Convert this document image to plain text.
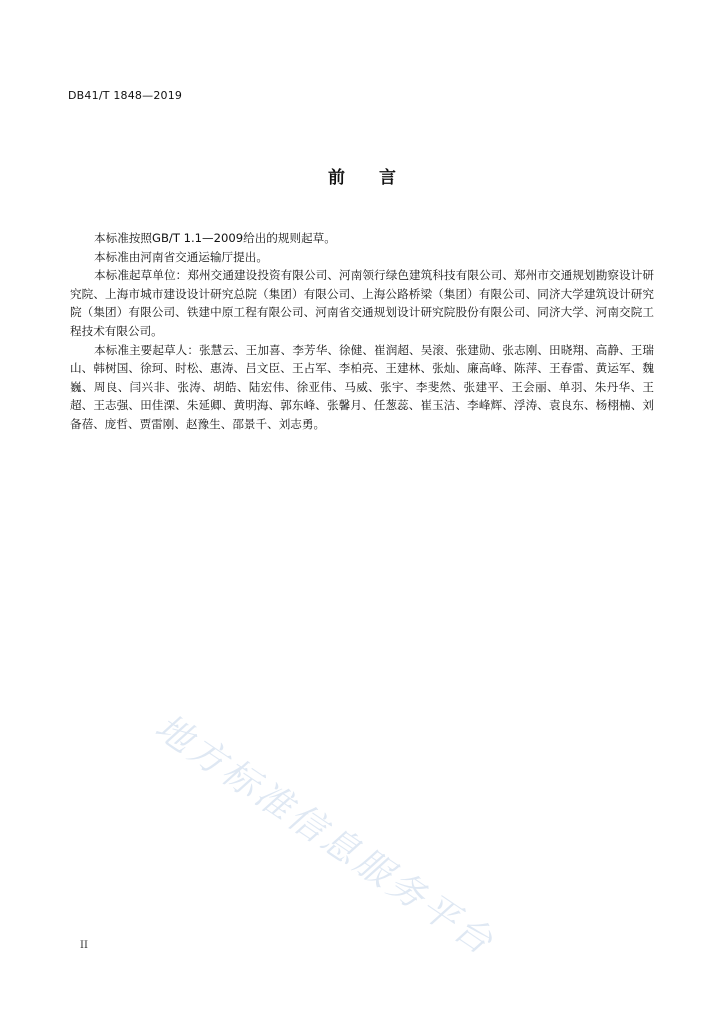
DB41/T 1848—2019
前 言

本标准按照GB/T 1.1—2009给出的规则起草。

本标准由河南省交通运输厅提出。

本标准起草单位：郑州交通建设投资有限公司、河南领行绿色建筑科技有限公司、郑州市交通规划勘察设计研究院、上海市城市建设设计研究总院（集团）有限公司、上海公路桥梁（集团）有限公司、同济大学建筑设计研究院（集团）有限公司、铁建中原工程有限公司、河南省交通规划设计研究院股份有限公司、同济大学、河南交院工程技术有限公司。

本标准主要起草人：张慧云、王加喜、李芳华、徐健、崔润超、吴滚、张建勋、张志刚、田晓翔、高静、王瑞山、韩树国、徐珂、时松、惠涛、吕文臣、王占军、李柏亮、王建林、张灿、廉高峰、陈萍、王春雷、黄运军、魏巍、周良、闫兴非、张涛、胡皓、陆宏伟、徐亚伟、马威、张宇、李斐然、张建平、王会丽、单羽、朱丹华、王超、王志强、田佳溧、朱延卿、黄明海、郭东峰、张馨月、任葱蕊、崔玉洁、李峰辉、浮涛、袁良东、杨栩楠、刘备蓓、庞哲、贾雷刚、赵豫生、邵景千、刘志勇。

地方标准信息服务平台
II
